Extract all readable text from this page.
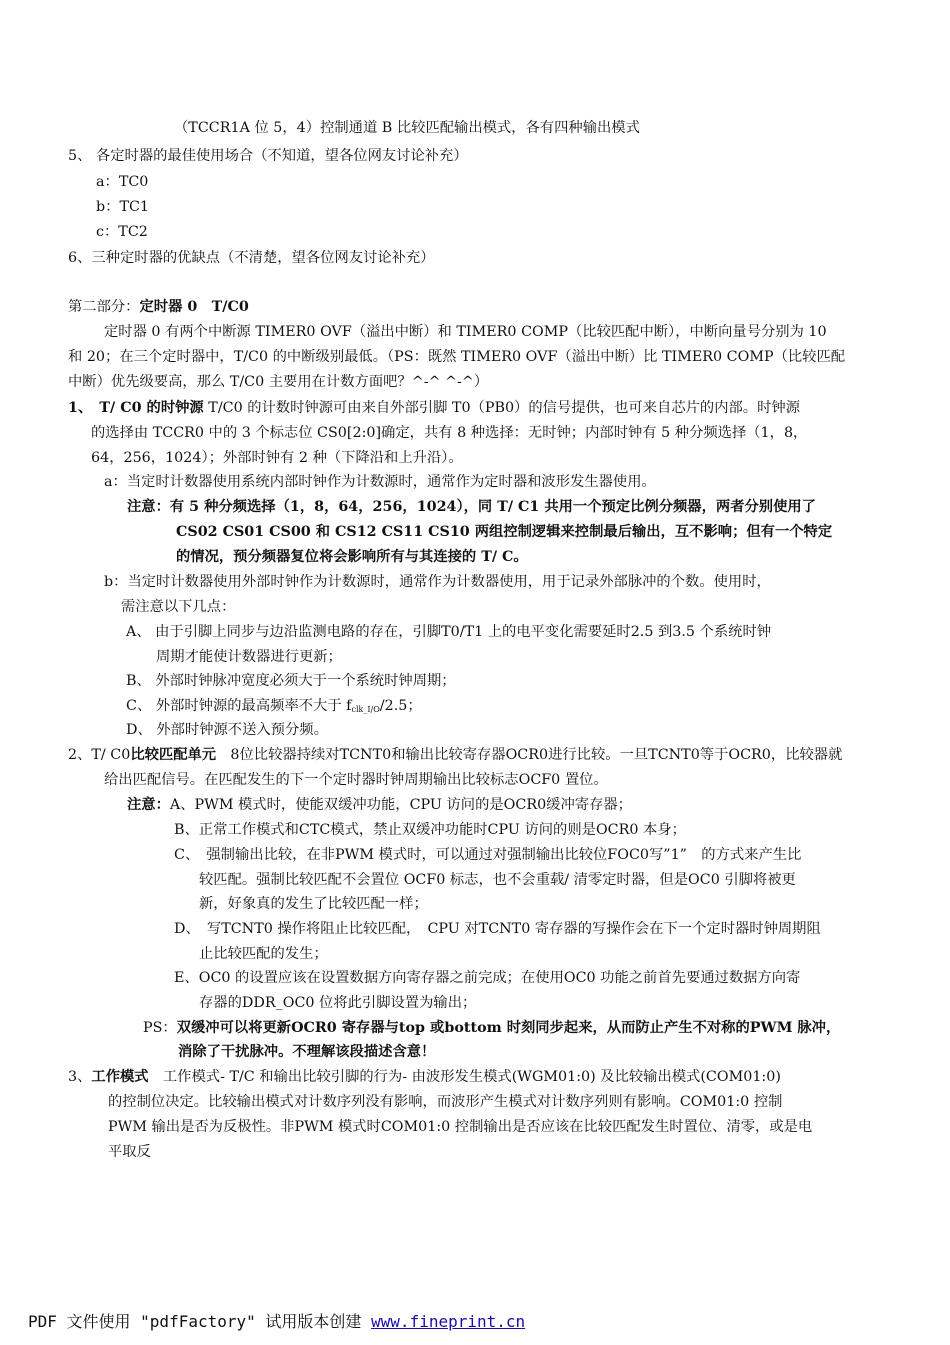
（TCCR1A 位 5，4）控制通道 B 比较匹配输出模式，各有四种输出模式
5、 各定时器的最佳使用场合（不知道，望各位网友讨论补充）
a：TC0
b：TC1
c：TC2
6、三种定时器的优缺点（不清楚，望各位网友讨论补充）
第二部分：定时器 0　T/C0
定时器 0 有两个中断源 TIMER0 OVF（溢出中断）和 TIMER0 COMP（比较匹配中断），中断向量号分别为 10
和 20；在三个定时器中，T/C0 的中断级别最低。（PS：既然 TIMER0 OVF（溢出中断）比 TIMER0 COMP（比较匹配
中断）优先级要高，那么 T/C0 主要用在计数方面吧？^-^ ^-^）
1、　T/ C0 的时钟源 T/C0 的计数时钟源可由来自外部引脚 T0（PB0）的信号提供，也可来自芯片的内部。时钟源
的选择由 TCCR0 中的 3 个标志位 CS0[2:0]确定，共有 8 种选择：无时钟；内部时钟有 5 种分频选择（1，8，
64，256，1024）；外部时钟有 2 种（下降沿和上升沿）。
a：当定时计数器使用系统内部时钟作为计数源时，通常作为定时器和波形发生器使用。
注意：有 5 种分频选择（1，8，64，256，1024），同 T/ C1 共用一个预定比例分频器，两者分别使用了
CS02 CS01 CS00 和 CS12 CS11 CS10 两组控制逻辑来控制最后输出，互不影响；但有一个特定
的情况，预分频器复位将会影响所有与其连接的 T/ C。
b：当定时计数器使用外部时钟作为计数源时，通常作为计数器使用，用于记录外部脉冲的个数。使用时，
需注意以下几点：
A、 由于引脚上同步与边沿监测电路的存在，引脚T0/T1 上的电平变化需要延时2.5 到3.5 个系统时钟
周期才能使计数器进行更新；
B、 外部时钟脉冲宽度必须大于一个系统时钟周期；
C、 外部时钟源的最高频率不大于 $f_{clk\_I/O}/2.5$；
D、 外部时钟源不送入预分频。
2、T/ C0比较匹配单元　8位比较器持续对TCNT0和输出比较寄存器OCR0进行比较。一旦TCNT0等于OCR0，比较器就
给出匹配信号。在匹配发生的下一个定时器时钟周期输出比较标志OCF0 置位。
注意：A、PWM 模式时，使能双缓冲功能，CPU 访问的是OCR0缓冲寄存器；
B、正常工作模式和CTC模式，禁止双缓冲功能时CPU 访问的则是OCR0 本身；
C、　强制输出比较，在非PWM 模式时，可以通过对强制输出比较位FOC0写”1”　的方式来产生比
较匹配。强制比较匹配不会置位 OCF0 标志，也不会重载/ 清零定时器，但是OC0 引脚将被更
新，好象真的发生了比较匹配一样；
D、　写TCNT0 操作将阻止比较匹配，　CPU 对TCNT0 寄存器的写操作会在下一个定时器时钟周期阻
止比较匹配的发生；
E、OC0 的设置应该在设置数据方向寄存器之前完成；在使用OC0 功能之前首先要通过数据方向寄
存器的DDR_OC0 位将此引脚设置为输出；
PS：双缓冲可以将更新OCR0 寄存器与top 或bottom 时刻同步起来，从而防止产生不对称的PWM 脉冲，
消除了干扰脉冲。不理解该段描述含意！
3、工作模式　工作模式- T/C 和输出比较引脚的行为- 由波形发生模式(WGM01:0) 及比较输出模式(COM01:0)
的控制位决定。比较输出模式对计数序列没有影响，而波形产生模式对计数序列则有影响。COM01:0 控制
PWM 输出是否为反极性。非PWM 模式时COM01:0 控制输出是否应该在比较匹配发生时置位、清零，或是电
平取反
PDF 文件使用 "pdfFactory" 试用版本创建 www.fineprint.cn
